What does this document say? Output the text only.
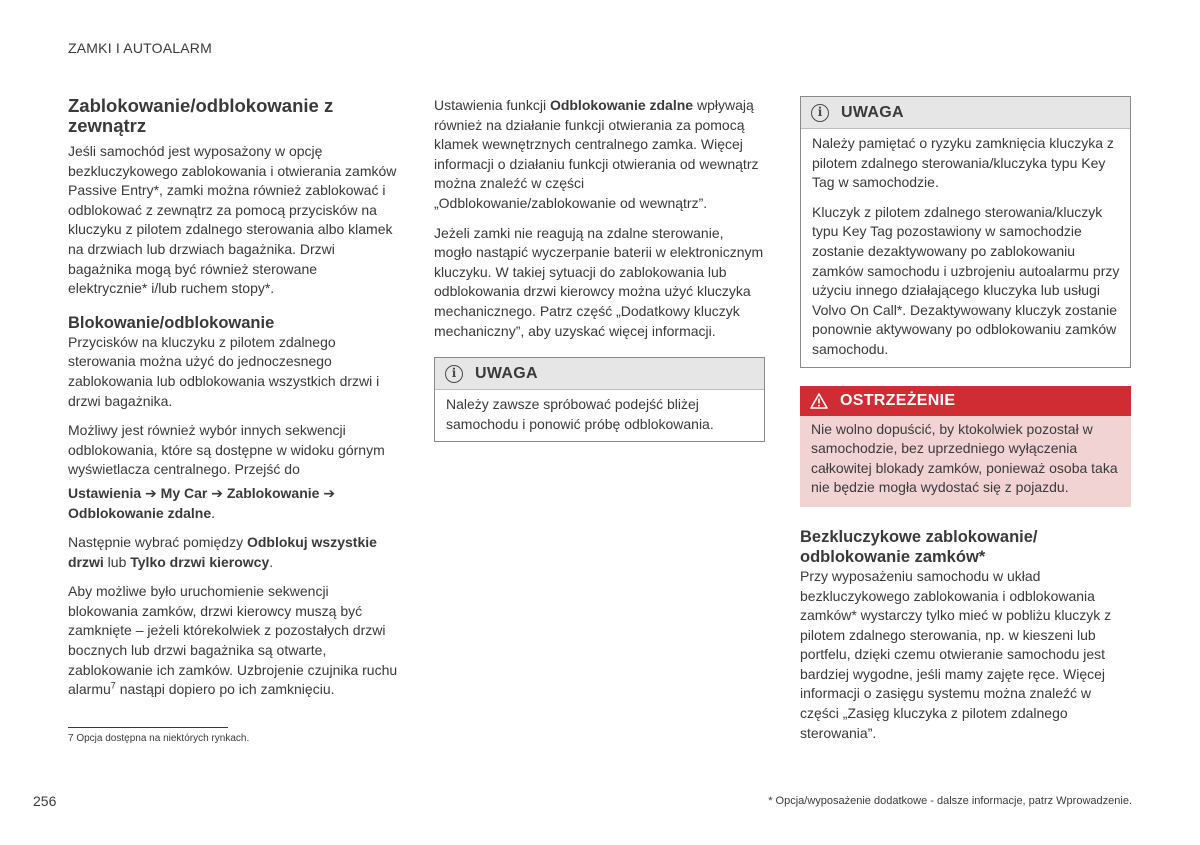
ZAMKI I AUTOALARM
Zablokowanie/odblokowanie z zewnątrz

Jeśli samochód jest wyposażony w opcję bezkluczykowego zablokowania i otwierania zamków Passive Entry*, zamki można również zablokować i odblokować z zewnątrz za pomocą przycisków na kluczyku z pilotem zdalnego sterowania albo klamek na drzwiach lub drzwiach bagażnika. Drzwi bagażnika mogą być również sterowane elektrycznie* i/lub ruchem stopy*.

Blokowanie/odblokowanie

Przycisków na kluczyku z pilotem zdalnego sterowania można użyć do jednoczesnego zablokowania lub odblokowania wszystkich drzwi i drzwi bagażnika.

Możliwy jest również wybór innych sekwencji odblokowania, które są dostępne w widoku górnym wyświetlacza centralnego. Przejść do

Ustawienia ➔ My Car ➔ Zablokowanie ➔ Odblokowanie zdalne.

Następnie wybrać pomiędzy Odblokuj wszystkie drzwi lub Tylko drzwi kierowcy.

Aby możliwe było uruchomienie sekwencji blokowania zamków, drzwi kierowcy muszą być zamknięte – jeżeli którekolwiek z pozostałych drzwi bocznych lub drzwi bagażnika są otwarte, zablokowanie ich zamków. Uzbrojenie czujnika ruchu alarmu$^7$ nastąpi dopiero po ich zamknięciu.

Ustawienia funkcji Odblokowanie zdalne wpływają również na działanie funkcji otwierania za pomocą klamek wewnętrznych centralnego zamka. Więcej informacji o działaniu funkcji otwierania od wewnątrz można znaleźć w części „Odblokowanie/zablokowanie od wewnątrz”.

Jeżeli zamki nie reagują na zdalne sterowanie, mogło nastąpić wyczerpanie baterii w elektronicznym kluczyku. W takiej sytuacji do zablokowania lub odblokowania drzwi kierowcy można użyć kluczyka mechanicznego. Patrz część „Dodatkowy kluczyk mechaniczny”, aby uzyskać więcej informacji.

i	UWAGA

Należy zawsze spróbować podejść bliżej samochodu i ponowić próbę odblokowania.

i	UWAGA

Należy pamiętać o ryzyku zamknięcia kluczyka z pilotem zdalnego sterowania/kluczyka typu Key Tag w samochodzie.

Kluczyk z pilotem zdalnego sterowania/kluczyk typu Key Tag pozostawiony w samochodzie zostanie dezaktywowany po zablokowaniu zamków samochodu i uzbrojeniu autoalarmu przy użyciu innego działającego kluczyka lub usługi Volvo On Call*. Dezaktywowany kluczyk zostanie ponownie aktywowany po odblokowaniu zamków samochodu.

OSTRZEŻENIE

Nie wolno dopuścić, by ktokolwiek pozostał w samochodzie, bez uprzedniego wyłączenia całkowitej blokady zamków, ponieważ osoba taka nie będzie mogła wydostać się z pojazdu.

Bezkluczykowe zablokowanie/ odblokowanie zamków*

Przy wyposażeniu samochodu w układ bezkluczykowego zablokowania i odblokowania zamków* wystarczy tylko mieć w pobliżu kluczyk z pilotem zdalnego sterowania, np. w kieszeni lub portfelu, dzięki czemu otwieranie samochodu jest bardziej wygodne, jeśli mamy zajęte ręce. Więcej informacji o zasięgu systemu można znaleźć w części „Zasięg kluczyka z pilotem zdalnego sterowania”.

7 Opcja dostępna na niektórych rynkach.
256	* Opcja/wyposażenie dodatkowe - dalsze informacje, patrz Wprowadzenie.
